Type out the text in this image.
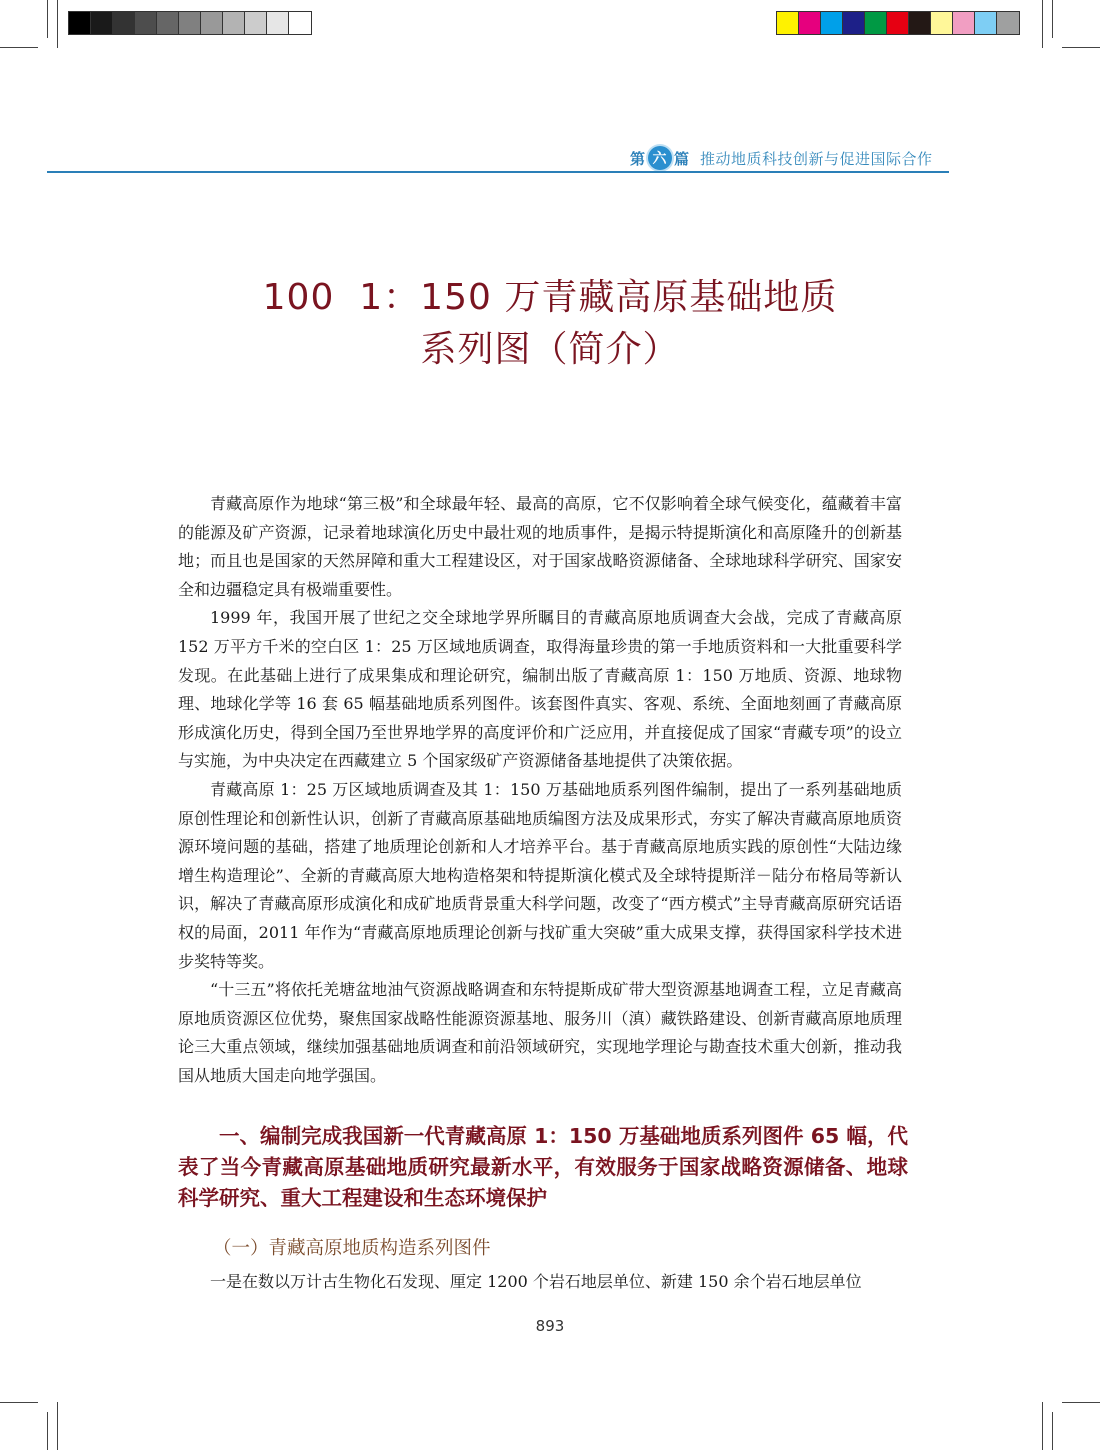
第 六 篇 推动地质科技创新与促进国际合作
100  1：150 万青藏高原基础地质
系列图（简介）

青藏高原作为地球“第三极”和全球最年轻、最高的高原，它不仅影响着全球气候变化，蕴藏着丰富的能源及矿产资源，记录着地球演化历史中最壮观的地质事件，是揭示特提斯演化和高原隆升的创新基地；而且也是国家的天然屏障和重大工程建设区，对于国家战略资源储备、全球地球科学研究、国家安全和边疆稳定具有极端重要性。

1999 年，我国开展了世纪之交全球地学界所瞩目的青藏高原地质调查大会战，完成了青藏高原 152 万平方千米的空白区 1：25 万区域地质调查，取得海量珍贵的第一手地质资料和一大批重要科学发现。在此基础上进行了成果集成和理论研究，编制出版了青藏高原 1：150 万地质、资源、地球物理、地球化学等 16 套 65 幅基础地质系列图件。该套图件真实、客观、系统、全面地刻画了青藏高原形成演化历史，得到全国乃至世界地学界的高度评价和广泛应用，并直接促成了国家“青藏专项”的设立与实施，为中央决定在西藏建立 5 个国家级矿产资源储备基地提供了决策依据。

青藏高原 1：25 万区域地质调查及其 1：150 万基础地质系列图件编制，提出了一系列基础地质原创性理论和创新性认识，创新了青藏高原基础地质编图方法及成果形式，夯实了解决青藏高原地质资源环境问题的基础，搭建了地质理论创新和人才培养平台。基于青藏高原地质实践的原创性“大陆边缘增生构造理论”、全新的青藏高原大地构造格架和特提斯演化模式及全球特提斯洋－陆分布格局等新认识，解决了青藏高原形成演化和成矿地质背景重大科学问题，改变了“西方模式”主导青藏高原研究话语权的局面，2011 年作为“青藏高原地质理论创新与找矿重大突破”重大成果支撑，获得国家科学技术进步奖特等奖。

“十三五”将依托羌塘盆地油气资源战略调查和东特提斯成矿带大型资源基地调查工程，立足青藏高原地质资源区位优势，聚焦国家战略性能源资源基地、服务川（滇）藏铁路建设、创新青藏高原地质理论三大重点领域，继续加强基础地质调查和前沿领域研究，实现地学理论与勘查技术重大创新，推动我国从地质大国走向地学强国。

一、编制完成我国新一代青藏高原 1：150 万基础地质系列图件 65 幅，代表了当今青藏高原基础地质研究最新水平，有效服务于国家战略资源储备、地球科学研究、重大工程建设和生态环境保护
（一）青藏高原地质构造系列图件
一是在数以万计古生物化石发现、厘定 1200 个岩石地层单位、新建 150 余个岩石地层单位
893
